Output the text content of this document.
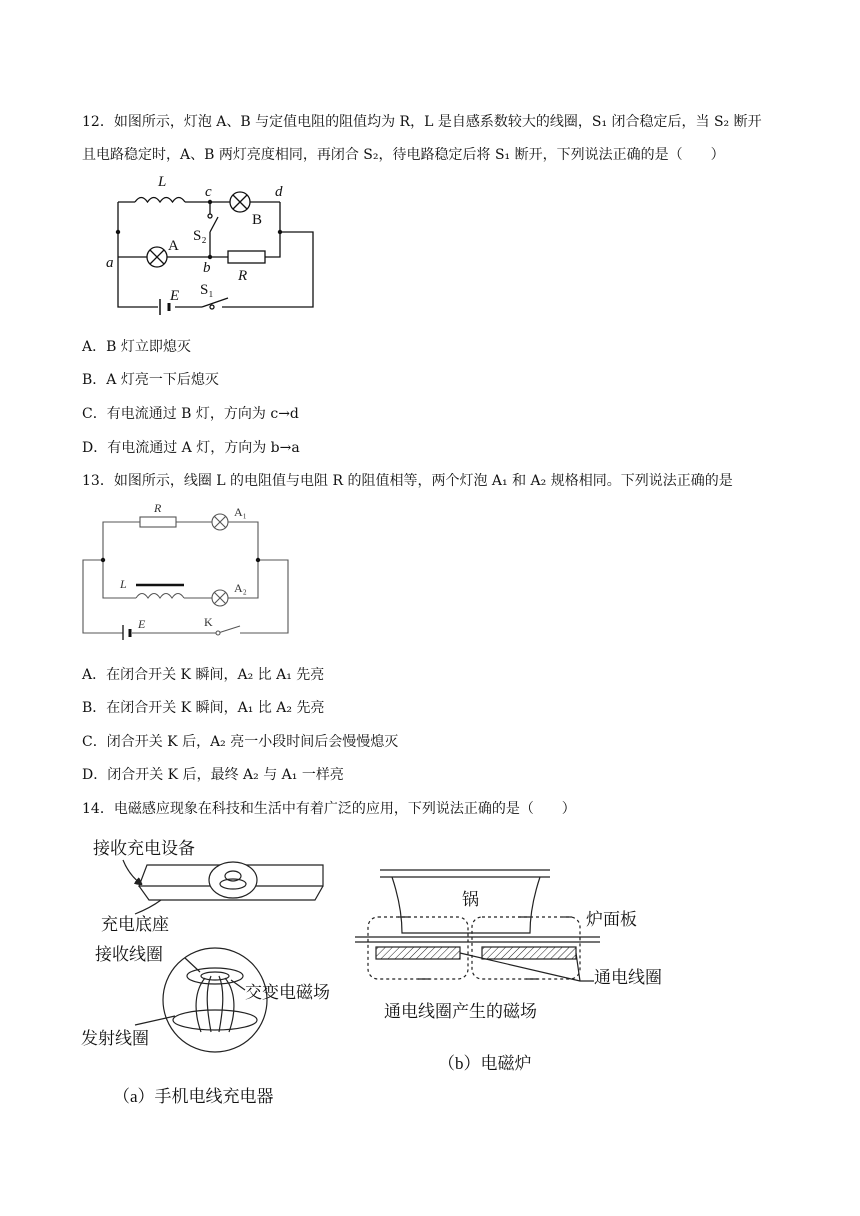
12．如图所示，灯泡 A、B 与定值电阻的阻值均为 R，L 是自感系数较大的线圈，S₁ 闭合稳定后，当 S₂ 断开
且电路稳定时，A、B 两灯亮度相同，再闭合 S₂，待电路稳定后将 S₁ 断开，下列说法正确的是（　　）
L
c	d
B
S₂
A
a	b R
E S₁
A．B 灯立即熄灭
B．A 灯亮一下后熄灭
C．有电流通过 B 灯，方向为 c→d
D．有电流通过 A 灯，方向为 b→a
13．如图所示，线圈 L 的电阻值与电阻 R 的阻值相等，两个灯泡 A₁ 和 A₂ 规格相同。下列说法正确的是
R	A₁
L	A₂
E	K
A．在闭合开关 K 瞬间，A₂ 比 A₁ 先亮
B．在闭合开关 K 瞬间，A₁ 比 A₂ 先亮
C．闭合开关 K 后，A₂ 亮一小段时间后会慢慢熄灭
D．闭合开关 K 后，最终 A₂ 与 A₁ 一样亮
14．电磁感应现象在科技和生活中有着广泛的应用，下列说法正确的是（　　）
接收充电设备
充电底座
接收线圈
交变电磁场
发射线圈
（a）手机电线充电器
锅
炉面板
通电线圈
通电线圈产生的磁场
（b）电磁炉
